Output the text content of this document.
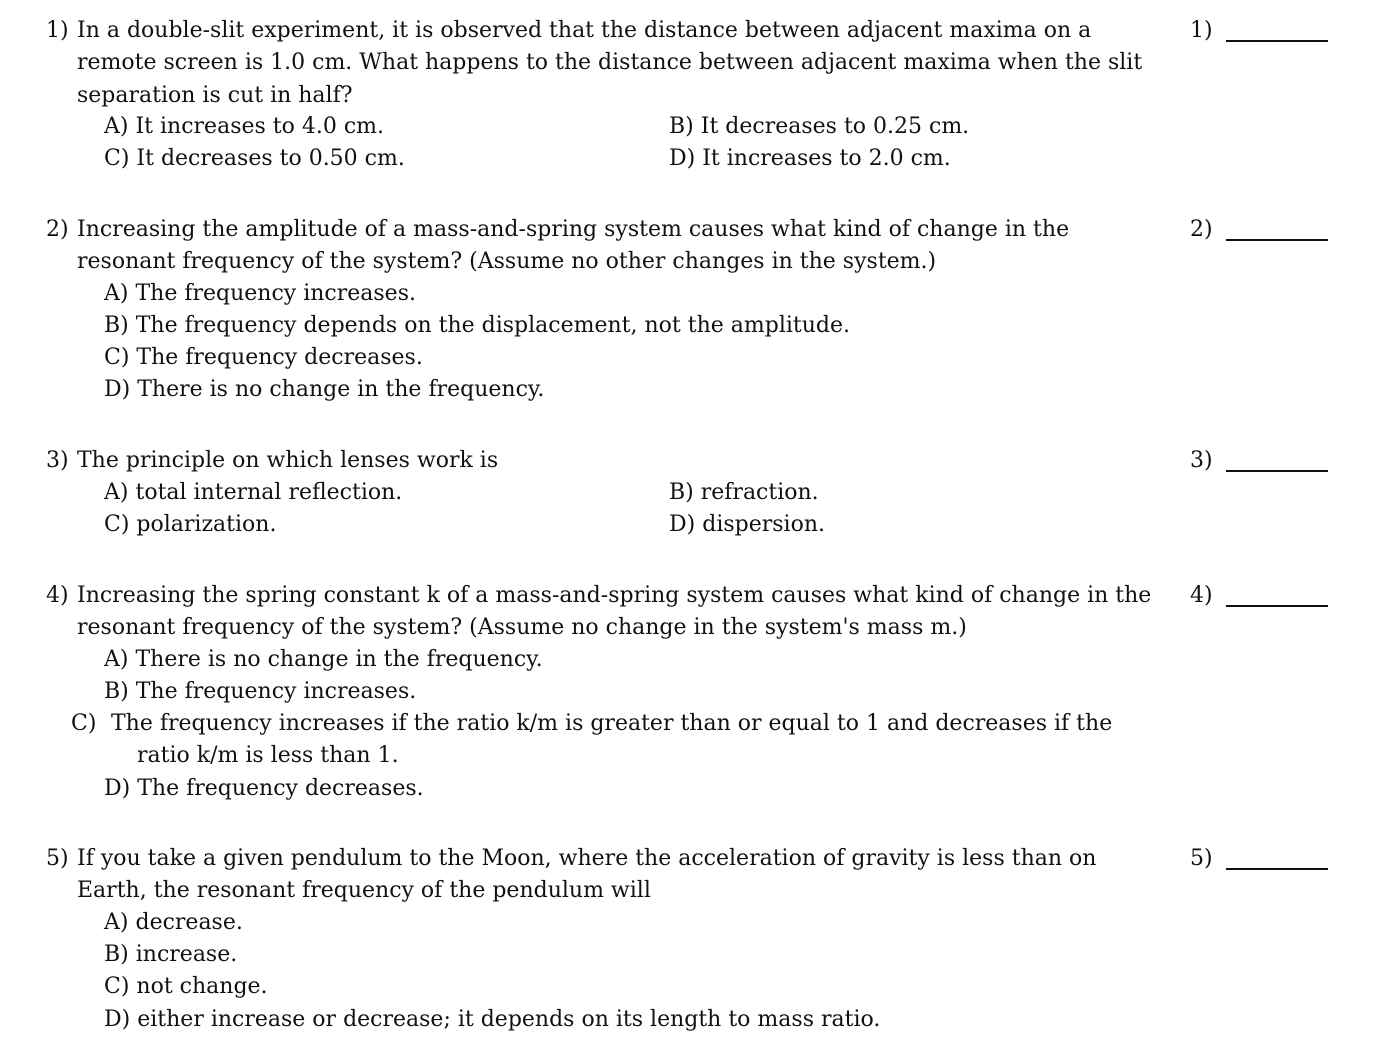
1) In a double-slit experiment, it is observed that the distance between adjacent maxima on a remote screen is 1.0 cm. What happens to the distance between adjacent maxima when the slit separation is cut in half?
A) It increases to 4.0 cm.	B) It decreases to 0.25 cm.
C) It decreases to 0.50 cm.	D) It increases to 2.0 cm.
1)
2) Increasing the amplitude of a mass-and-spring system causes what kind of change in the resonant frequency of the system? (Assume no other changes in the system.)
A) The frequency increases.
B) The frequency depends on the displacement, not the amplitude.
C) The frequency decreases.
D) There is no change in the frequency.
2)
3) The principle on which lenses work is
A) total internal reflection.	B) refraction.
C) polarization.	D) dispersion.
3)
4) Increasing the spring constant k of a mass-and-spring system causes what kind of change in the resonant frequency of the system? (Assume no change in the system's mass m.)
A) There is no change in the frequency.
B) The frequency increases.
C) The frequency increases if the ratio k/m is greater than or equal to 1 and decreases if the ratio k/m is less than 1.
D) The frequency decreases.
4)
5) If you take a given pendulum to the Moon, where the acceleration of gravity is less than on Earth, the resonant frequency of the pendulum will
A) decrease.
B) increase.
C) not change.
D) either increase or decrease; it depends on its length to mass ratio.
5)
